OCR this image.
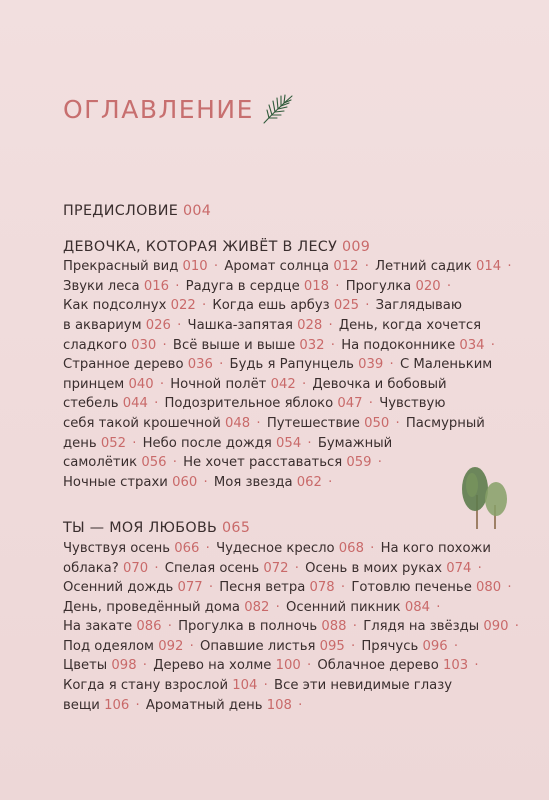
ОГЛАВЛЕНИЕ
ПРЕДИСЛОВИЕ 004
ДЕВОЧКА, КОТОРАЯ ЖИВЁТ В ЛЕСУ 009
Прекрасный вид 010 · Аромат солнца 012 · Летний садик 014 ·
Звуки леса 016 · Радуга в сердце 018 · Прогулка 020 ·
Как подсолнух 022 · Когда ешь арбуз 025 · Заглядываю
в аквариум 026 · Чашка-запятая 028 · День, когда хочется
сладкого 030 · Всё выше и выше 032 · На подоконнике 034 ·
Странное дерево 036 · Будь я Рапунцель 039 · С Маленьким
принцем 040 · Ночной полёт 042 · Девочка и бобовый
стебель 044 · Подозрительное яблоко 047 · Чувствую
себя такой крошечной 048 · Путешествие 050 · Пасмурный
день 052 · Небо после дождя 054 · Бумажный
самолётик 056 · Не хочет расставаться 059 ·
Ночные страхи 060 · Моя звезда 062 ·
ТЫ — МОЯ ЛЮБОВЬ 065
Чувствуя осень 066 · Чудесное кресло 068 · На кого похожи
облака? 070 · Спелая осень 072 · Осень в моих руках 074 ·
Осенний дождь 077 · Песня ветра 078 · Готовлю печенье 080 ·
День, проведённый дома 082 · Осенний пикник 084 ·
На закате 086 · Прогулка в полночь 088 · Глядя на звёзды 090 ·
Под одеялом 092 · Опавшие листья 095 · Прячусь 096 ·
Цветы 098 · Дерево на холме 100 · Облачное дерево 103 ·
Когда я стану взрослой 104 · Все эти невидимые глазу
вещи 106 · Ароматный день 108 ·
